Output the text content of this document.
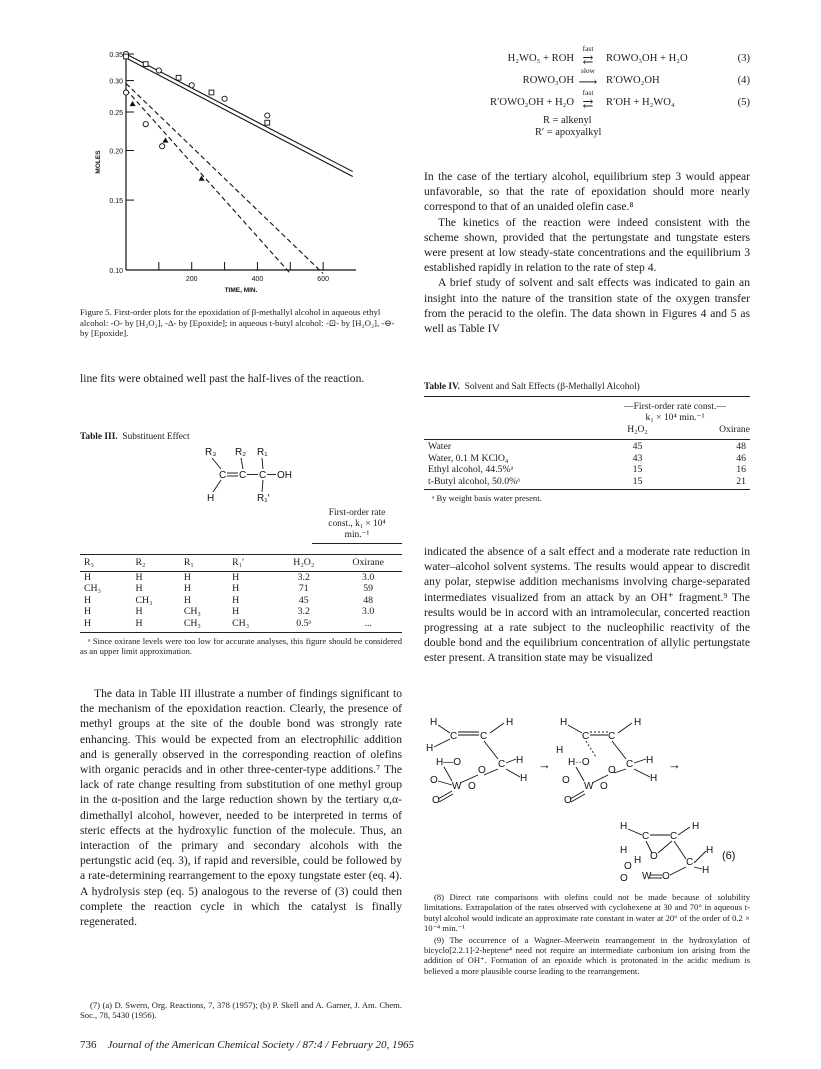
0.10
0.15
0.20
0.25
0.30
0.35
200	400	600
TIME, MIN.
MOLES
Figure 5. First-order plots for the epoxidation of β-methallyl alcohol in aqueous ethyl alcohol: -O- by [H₂O₂], -Δ- by [Epoxide]; in aqueous t-butyl alcohol: -⊡- by [H₂O₂], -⊖- by [Epoxide].

line fits were obtained well past the half-lives of the reaction.

Table III. Substituent Effect
R₃ R₂ R₁
C C C OH
H	R₁′
First-order rate
const., k₁ × 10⁴
min.⁻¹
R₃	R₂	R₁	R₁′	H₂O₂	Oxirane
H	H	H	H	3.2	3.0
CH₃	H	H	H	71	59
H	CH₃	H	H	45	48
H	H	CH₃	H	3.2	3.0
H	H	CH₃	CH₃	0.5ᵃ	...
ᵃ Since oxirane levels were too low for accurate analyses, this figure should be considered as an upper limit approximation.

The data in Table III illustrate a number of findings significant to the mechanism of the epoxidation reaction. Clearly, the presence of methyl groups at the site of the double bond was strongly rate enhancing. This would be expected from an electrophilic addition and is generally observed in the corresponding reaction of olefins with organic peracids and in other three-center-type additions.⁷ The lack of rate change resulting from substitution of one methyl group in the α-position and the large reduction shown by the tertiary α,α-dimethallyl alcohol, however, needed to be interpreted in terms of steric effects at the hydroxylic function of the molecule. Thus, an interaction of the primary and secondary alcohols with the pertungstic acid (eq. 3), if rapid and reversible, could be followed by a rate-determining rearrangement to the epoxy tungstate ester (eq. 4). A hydrolysis step (eq. 5) analogous to the reverse of (3) could then complete the reaction cycle in which the catalyst is finally regenerated.

(7) (a) D. Swern, Org. Reactions, 7, 378 (1957); (b) P. Skell and A. Garner, J. Am. Chem. Soc., 78, 5430 (1956).

H₂WO₅ + ROH
fast
⇄	ROWO₃OH + H₂O	(3)
ROWO₃OH
slow
⟶ R′OWO₂OH	(4)
R′OWO₂OH + H₂O
fast
⇄	R′OH + H₂WO₄	(5)
R = alkenyl
R′ = apoxyalkyl

In the case of the tertiary alcohol, equilibrium step 3 would appear unfavorable, so that the rate of epoxidation should more nearly correspond to that of an unaided olefin case.⁸

The kinetics of the reaction were indeed consistent with the scheme shown, provided that the pertungstate and tungstate esters were present at low steady-state concentrations and the equilibrium 3 established rapidly in relation to the rate of step 4.

A brief study of solvent and salt effects was indicated to gain an insight into the nature of the transition state of the oxygen transfer from the peracid to the olefin. The data shown in Figures 4 and 5 as well as Table IV

Table IV. Solvent and Salt Effects (β-Methallyl Alcohol)
—First-order rate const.—
k₁ × 10⁴ min.⁻¹
H₂O₂	Oxirane
Water	45	48
Water, 0.1 M KClO₄	43	46
Ethyl alcohol, 44.5%ᵃ	15	16
t-Butyl alcohol, 50.0%ᵃ	15	21
ᵃ By weight basis water present.

indicated the absence of a salt effect and a moderate rate reduction in water–alcohol solvent systems. The results would appear to discredit any polar, stepwise addition mechanisms involving charge-separated intermediates visualized from an attack by an OH⁺ fragment.⁹ The results would be in accord with an intramolecular, concerted reaction progressing at a rate subject to the nucleophilic reactivity of the double bond and the equilibrium concentration of allylic pertungstate ester present. A transition state may be visualized

H	H
C C
H
H—O	H
C
H
O
W O
O
O	→
H	H
C C
H
H··O	H
C
H
O
W O
O
O	→
H	H
C C
H
H O
H
C
H
O
W O
O
(6)

(8) Direct rate comparisons with olefins could not be made because of solubility limitations. Extrapolation of the rates observed with cyclohexene at 30 and 70° in aqueous t-butyl alcohol would indicate an approximate rate constant in water at 20° of the order of 0.2 × 10⁻⁴ min.⁻¹

(9) The occurrence of a Wagner–Meerwein rearrangement in the hydroxylation of bicyclo[2.2.1]-2-heptene⁴ need not require an intermediate carbonium ion arising from the addition of OH⁺. Formation of an epoxide which is protonated in the acidic medium is believed a more plausible course leading to the rearrangement.

736 Journal of the American Chemical Society / 87:4 / February 20, 1965
